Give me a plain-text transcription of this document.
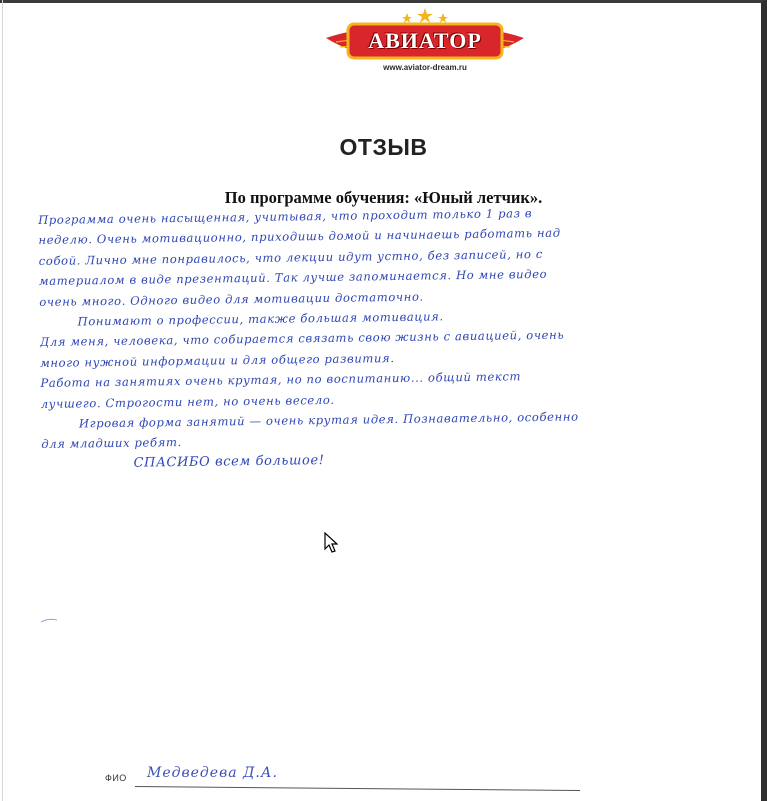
АВИАТОР
www.aviator-dream.ru
ОТЗЫВ
По программе обучения: «Юный летчик».
Программа очень насыщенная, учитывая, что проходит только 1 раз в
неделю. Очень мотивационно, приходишь домой и начинаешь работать над
собой. Лично мне понравилось, что лекции идут устно, без записей, но с
материалом в виде презентаций. Так лучше запоминается. Но мне видео
очень много. Одного видео для мотивации достаточно.
Понимают о профессии, также большая мотивация.
Для меня, человека, что собирается связать свою жизнь с авиацией, очень
много нужной информации и для общего развития.
Работа на занятиях очень крутая, но по воспитанию... общий текст
лучшего. Строгости нет, но очень весело.
Игровая форма занятий — очень крутая идея. Познавательно, особенно
для младших ребят.
СПАСИБО всем большое!
ФИО Медведева Д.А.
